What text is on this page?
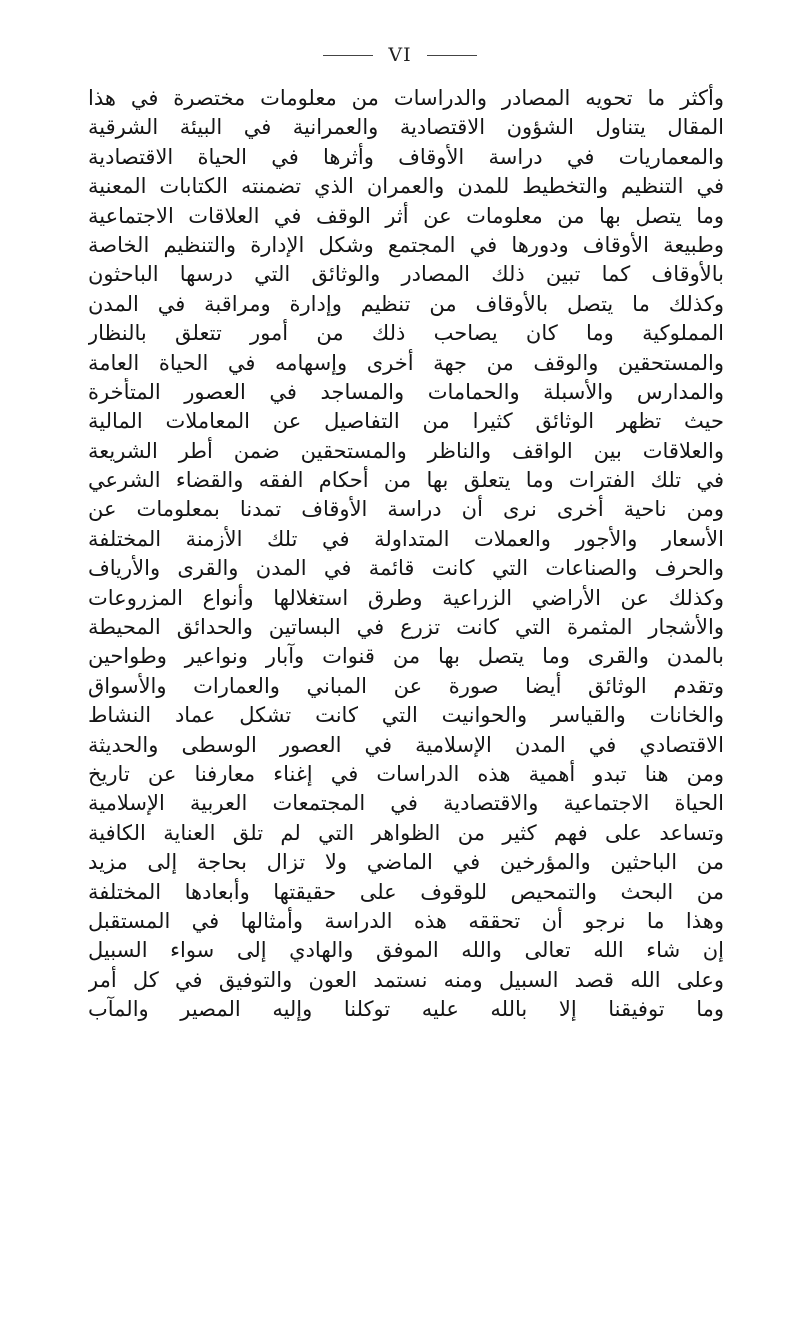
VI
وأكثر ما تحويه المصادر والدراسات من معلومات مختصرة في هذا
المقال يتناول الشؤون الاقتصادية والعمرانية في البيئة الشرقية
والمعماريات في دراسة الأوقاف وأثرها في الحياة الاقتصادية
في التنظيم والتخطيط للمدن والعمران الذي تضمنته الكتابات المعنية
وما يتصل بها من معلومات عن أثر الوقف في العلاقات الاجتماعية
وطبيعة الأوقاف ودورها في المجتمع وشكل الإدارة والتنظيم الخاصة
بالأوقاف كما تبين ذلك المصادر والوثائق التي درسها الباحثون
وكذلك ما يتصل بالأوقاف من تنظيم وإدارة ومراقبة في المدن
المملوكية وما كان يصاحب ذلك من أمور تتعلق بالنظار
والمستحقين والوقف من جهة أخرى وإسهامه في الحياة العامة
والمدارس والأسبلة والحمامات والمساجد في العصور المتأخرة
حيث تظهر الوثائق كثيرا من التفاصيل عن المعاملات المالية
والعلاقات بين الواقف والناظر والمستحقين ضمن أطر الشريعة
في تلك الفترات وما يتعلق بها من أحكام الفقه والقضاء الشرعي
ومن ناحية أخرى نرى أن دراسة الأوقاف تمدنا بمعلومات عن
الأسعار والأجور والعملات المتداولة في تلك الأزمنة المختلفة
والحرف والصناعات التي كانت قائمة في المدن والقرى والأرياف
وكذلك عن الأراضي الزراعية وطرق استغلالها وأنواع المزروعات
والأشجار المثمرة التي كانت تزرع في البساتين والحدائق المحيطة
بالمدن والقرى وما يتصل بها من قنوات وآبار ونواعير وطواحين
وتقدم الوثائق أيضا صورة عن المباني والعمارات والأسواق
والخانات والقياسر والحوانيت التي كانت تشكل عماد النشاط
الاقتصادي في المدن الإسلامية في العصور الوسطى والحديثة
ومن هنا تبدو أهمية هذه الدراسات في إغناء معارفنا عن تاريخ
الحياة الاجتماعية والاقتصادية في المجتمعات العربية الإسلامية
وتساعد على فهم كثير من الظواهر التي لم تلق العناية الكافية
من الباحثين والمؤرخين في الماضي ولا تزال بحاجة إلى مزيد
من البحث والتمحيص للوقوف على حقيقتها وأبعادها المختلفة
وهذا ما نرجو أن تحققه هذه الدراسة وأمثالها في المستقبل
إن شاء الله تعالى والله الموفق والهادي إلى سواء السبيل
وعلى الله قصد السبيل ومنه نستمد العون والتوفيق في كل أمر
وما توفيقنا إلا بالله عليه توكلنا وإليه المصير والمآب
